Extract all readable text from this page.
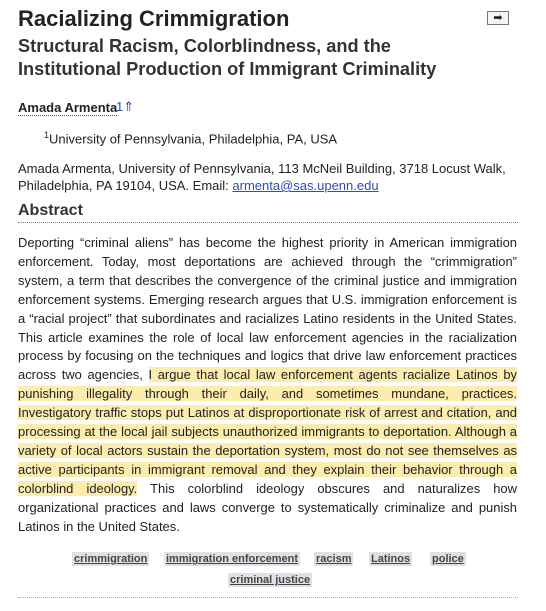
Racializing Crimmigration
Structural Racism, Colorblindness, and the Institutional Production of Immigrant Criminality
➡
Amada Armenta
1⇑
$^1$University of Pennsylvania, Philadelphia, PA, USA

Amada Armenta, University of Pennsylvania, 113 McNeil Building, 3718 Locust Walk, Philadelphia, PA 19104, USA. Email: armenta@sas.upenn.edu

Abstract

Deporting “criminal aliens” has become the highest priority in American immigration enforcement. Today, most deportations are achieved through the “crimmigration” system, a term that describes the convergence of the criminal justice and immigration enforcement systems. Emerging research argues that U.S. immigration enforcement is a “racial project” that subordinates and racializes Latino residents in the United States. This article examines the role of local law enforcement agencies in the racialization process by focusing on the techniques and logics that drive law enforcement practices across two agencies, I argue that local law enforcement agents racialize Latinos by punishing illegality through their daily, and sometimes mundane, practices. Investigatory traffic stops put Latinos at disproportionate risk of arrest and citation, and processing at the local jail subjects unauthorized immigrants to deportation. Although a variety of local actors sustain the deportation system, most do not see themselves as active participants in immigrant removal and they explain their behavior through a colorblind ideology. This colorblind ideology obscures and naturalizes how organizational practices and laws converge to systematically criminalize and punish Latinos in the United States.

crimmigration immigration enforcement racism Latinos police
criminal justice
